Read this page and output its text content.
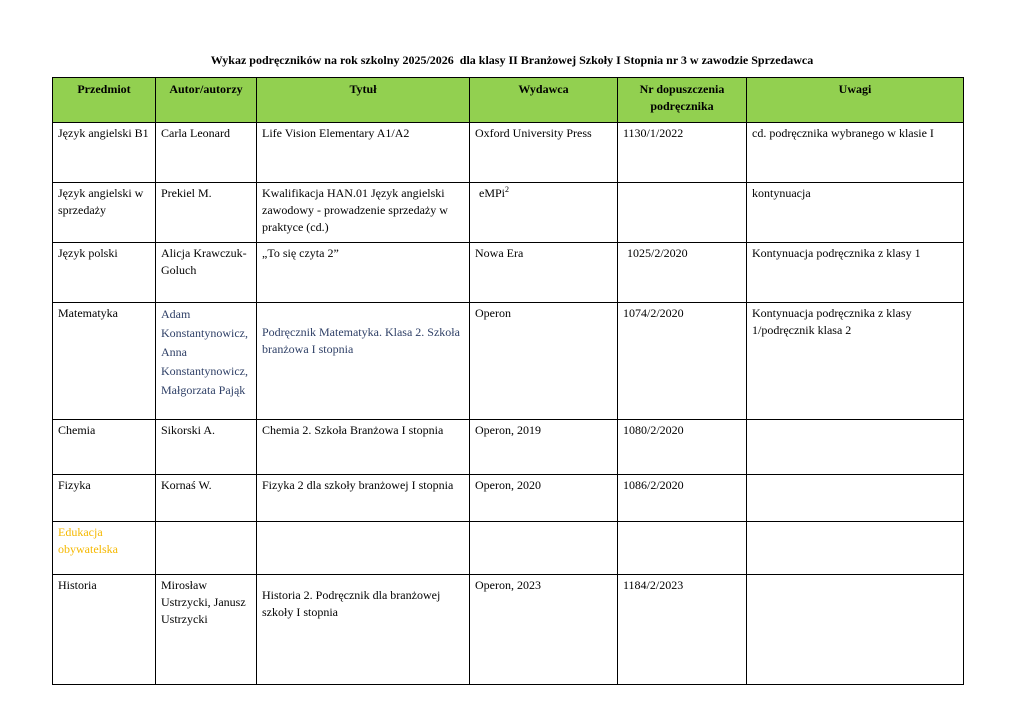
Wykaz podręczników na rok szkolny 2025/2026  dla klasy II Branżowej Szkoły I Stopnia nr 3 w zawodzie Sprzedawca
Przedmiot	Autor/autorzy	Tytuł	Wydawca	Nr dopuszczenia podręcznika	Uwagi
Język angielski B1	Carla Leonard	Life Vision Elementary A1/A2	Oxford University Press	1130/1/2022	cd. podręcznika wybranego w klasie I
Język angielski w sprzedaży	Prekiel M.	Kwalifikacja HAN.01 Język angielski zawodowy - prowadzenie sprzedaży w praktyce (cd.)	eMPi$^2$		kontynuacja
Język polski	Alicja Krawczuk-Goluch	„To się czyta 2”	Nowa Era	1025/2/2020	Kontynuacja podręcznika z klasy 1
Matematyka	Adam Konstantynowicz, Anna Konstantynowicz, Małgorzata Pająk	Podręcznik Matematyka. Klasa 2. Szkoła branżowa I stopnia	Operon	1074/2/2020	Kontynuacja podręcznika z klasy 1/podręcznik klasa 2
Chemia	Sikorski A.	Chemia 2. Szkoła Branżowa I stopnia	Operon, 2019	1080/2/2020	
Fizyka	Kornaś W.	Fizyka 2 dla szkoły branżowej I stopnia	Operon, 2020	1086/2/2020	
Edukacja obywatelska					
Historia	Mirosław Ustrzycki, Janusz Ustrzycki	Historia 2. Podręcznik dla branżowej szkoły I stopnia	Operon, 2023	1184/2/2023	
